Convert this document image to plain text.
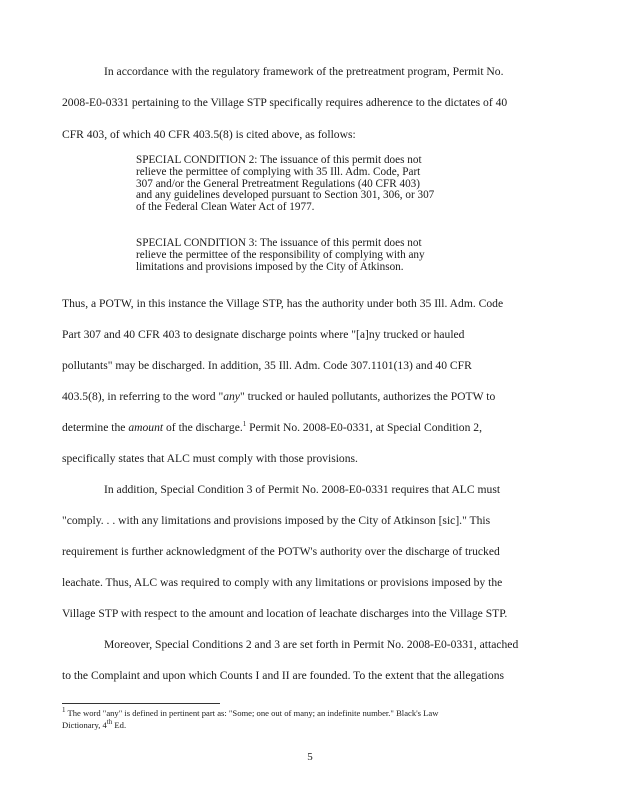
In accordance with the regulatory framework of the pretreatment program, Permit No.
2008-E0-0331 pertaining to the Village STP specifically requires adherence to the dictates of 40
CFR 403, of which 40 CFR 403.5(8) is cited above, as follows:
SPECIAL CONDITION 2: The issuance of this permit does not
relieve the permittee of complying with 35 Ill. Adm. Code, Part
307 and/or the General Pretreatment Regulations (40 CFR 403)
and any guidelines developed pursuant to Section 301, 306, or 307
of the Federal Clean Water Act of 1977.
SPECIAL CONDITION 3: The issuance of this permit does not
relieve the permittee of the responsibility of complying with any
limitations and provisions imposed by the City of Atkinson.
Thus, a POTW, in this instance the Village STP, has the authority under both 35 Ill. Adm. Code
Part 307 and 40 CFR 403 to designate discharge points where "[a]ny trucked or hauled
pollutants" may be discharged. In addition, 35 Ill. Adm. Code 307.1101(13) and 40 CFR
403.5(8), in referring to the word "any" trucked or hauled pollutants, authorizes the POTW to
determine the amount of the discharge.$^1$ Permit No. 2008-E0-0331, at Special Condition 2,
specifically states that ALC must comply with those provisions.
In addition, Special Condition 3 of Permit No. 2008-E0-0331 requires that ALC must
"comply. . . with any limitations and provisions imposed by the City of Atkinson [sic]." This
requirement is further acknowledgment of the POTW's authority over the discharge of trucked
leachate. Thus, ALC was required to comply with any limitations or provisions imposed by the
Village STP with respect to the amount and location of leachate discharges into the Village STP.
Moreover, Special Conditions 2 and 3 are set forth in Permit No. 2008-E0-0331, attached
to the Complaint and upon which Counts I and II are founded. To the extent that the allegations
$^1$ The word "any" is defined in pertinent part as: "Some; one out of many; an indefinite number." Black's Law
Dictionary, 4th Ed.
5
